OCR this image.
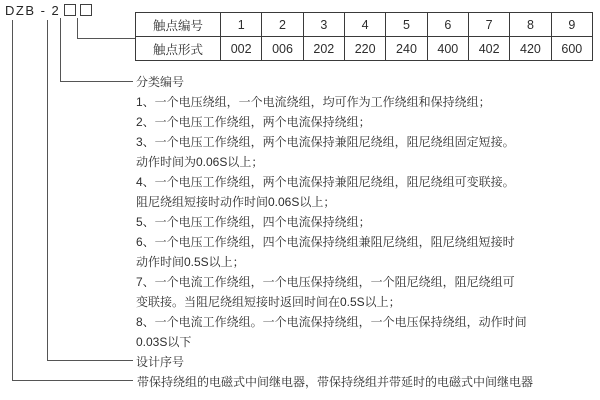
DZB - 2
触点编号	1	2	3	4	5	6	7	8	9
触点形式	002	006	202	220	240	400	402	420	600
分类编号
1、一个电压绕组，一个电流绕组，均可作为工作绕组和保持绕组；
2、一个电压工作绕组，两个电流保持绕组；
3、一个电压工作绕组，两个电流保持兼阻尼绕组，阻尼绕组固定短接。
动作时间为0.06S以上；
4、一个电压工作绕组，两个电流保持兼阻尼绕组，阻尼绕组可变联接。
阻尼绕组短接时动作时间0.06S以上；
5、一个电压工作绕组，四个电流保持绕组；
6、一个电压工作绕组，四个电流保持绕组兼阻尼绕组，阻尼绕组短接时
动作时间0.5S以上；
7、一个电流工作绕组，一个电压保持绕组，一个阻尼绕组，阻尼绕组可
变联接。当阻尼绕组短接时返回时间在0.5S以上；
8、一个电流工作绕组。一个电流保持绕组，一个电压保持绕组，动作时间
0.03S以下
设计序号
带保持绕组的电磁式中间继电器，带保持绕组并带延时的电磁式中间继电器
